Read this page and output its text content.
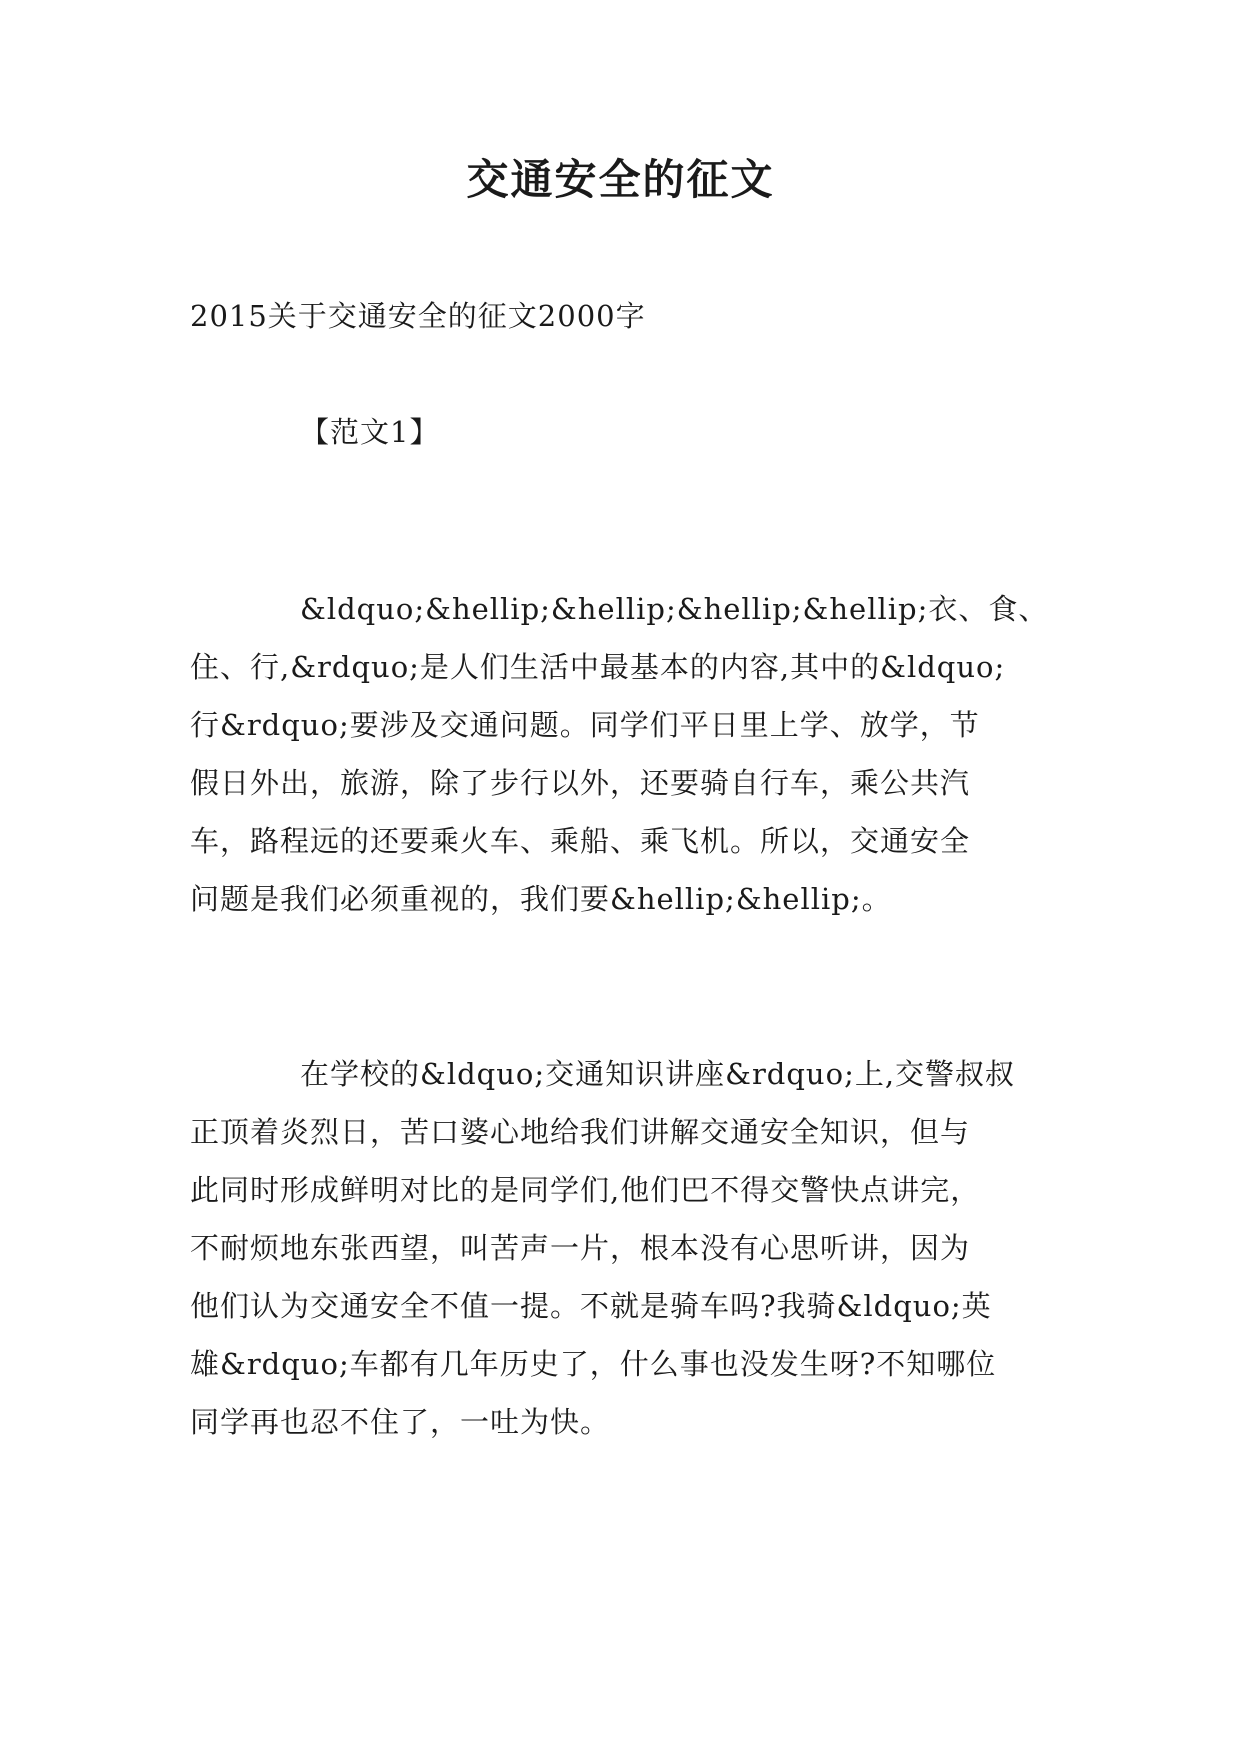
交通安全的征文
2015关于交通安全的征文2000字
【范文1】
&ldquo;&hellip;&hellip;&hellip;&hellip;衣、食、
住、行,&rdquo;是人们生活中最基本的内容,其中的&ldquo;
行&rdquo;要涉及交通问题。同学们平日里上学、放学，节
假日外出，旅游，除了步行以外，还要骑自行车，乘公共汽
车，路程远的还要乘火车、乘船、乘飞机。所以，交通安全
问题是我们必须重视的，我们要&hellip;&hellip;。
在学校的&ldquo;交通知识讲座&rdquo;上,交警叔叔
正顶着炎烈日，苦口婆心地给我们讲解交通安全知识，但与
此同时形成鲜明对比的是同学们,他们巴不得交警快点讲完，
不耐烦地东张西望，叫苦声一片，根本没有心思听讲，因为
他们认为交通安全不值一提。不就是骑车吗?我骑&ldquo;英
雄&rdquo;车都有几年历史了，什么事也没发生呀?不知哪位
同学再也忍不住了，一吐为快。
